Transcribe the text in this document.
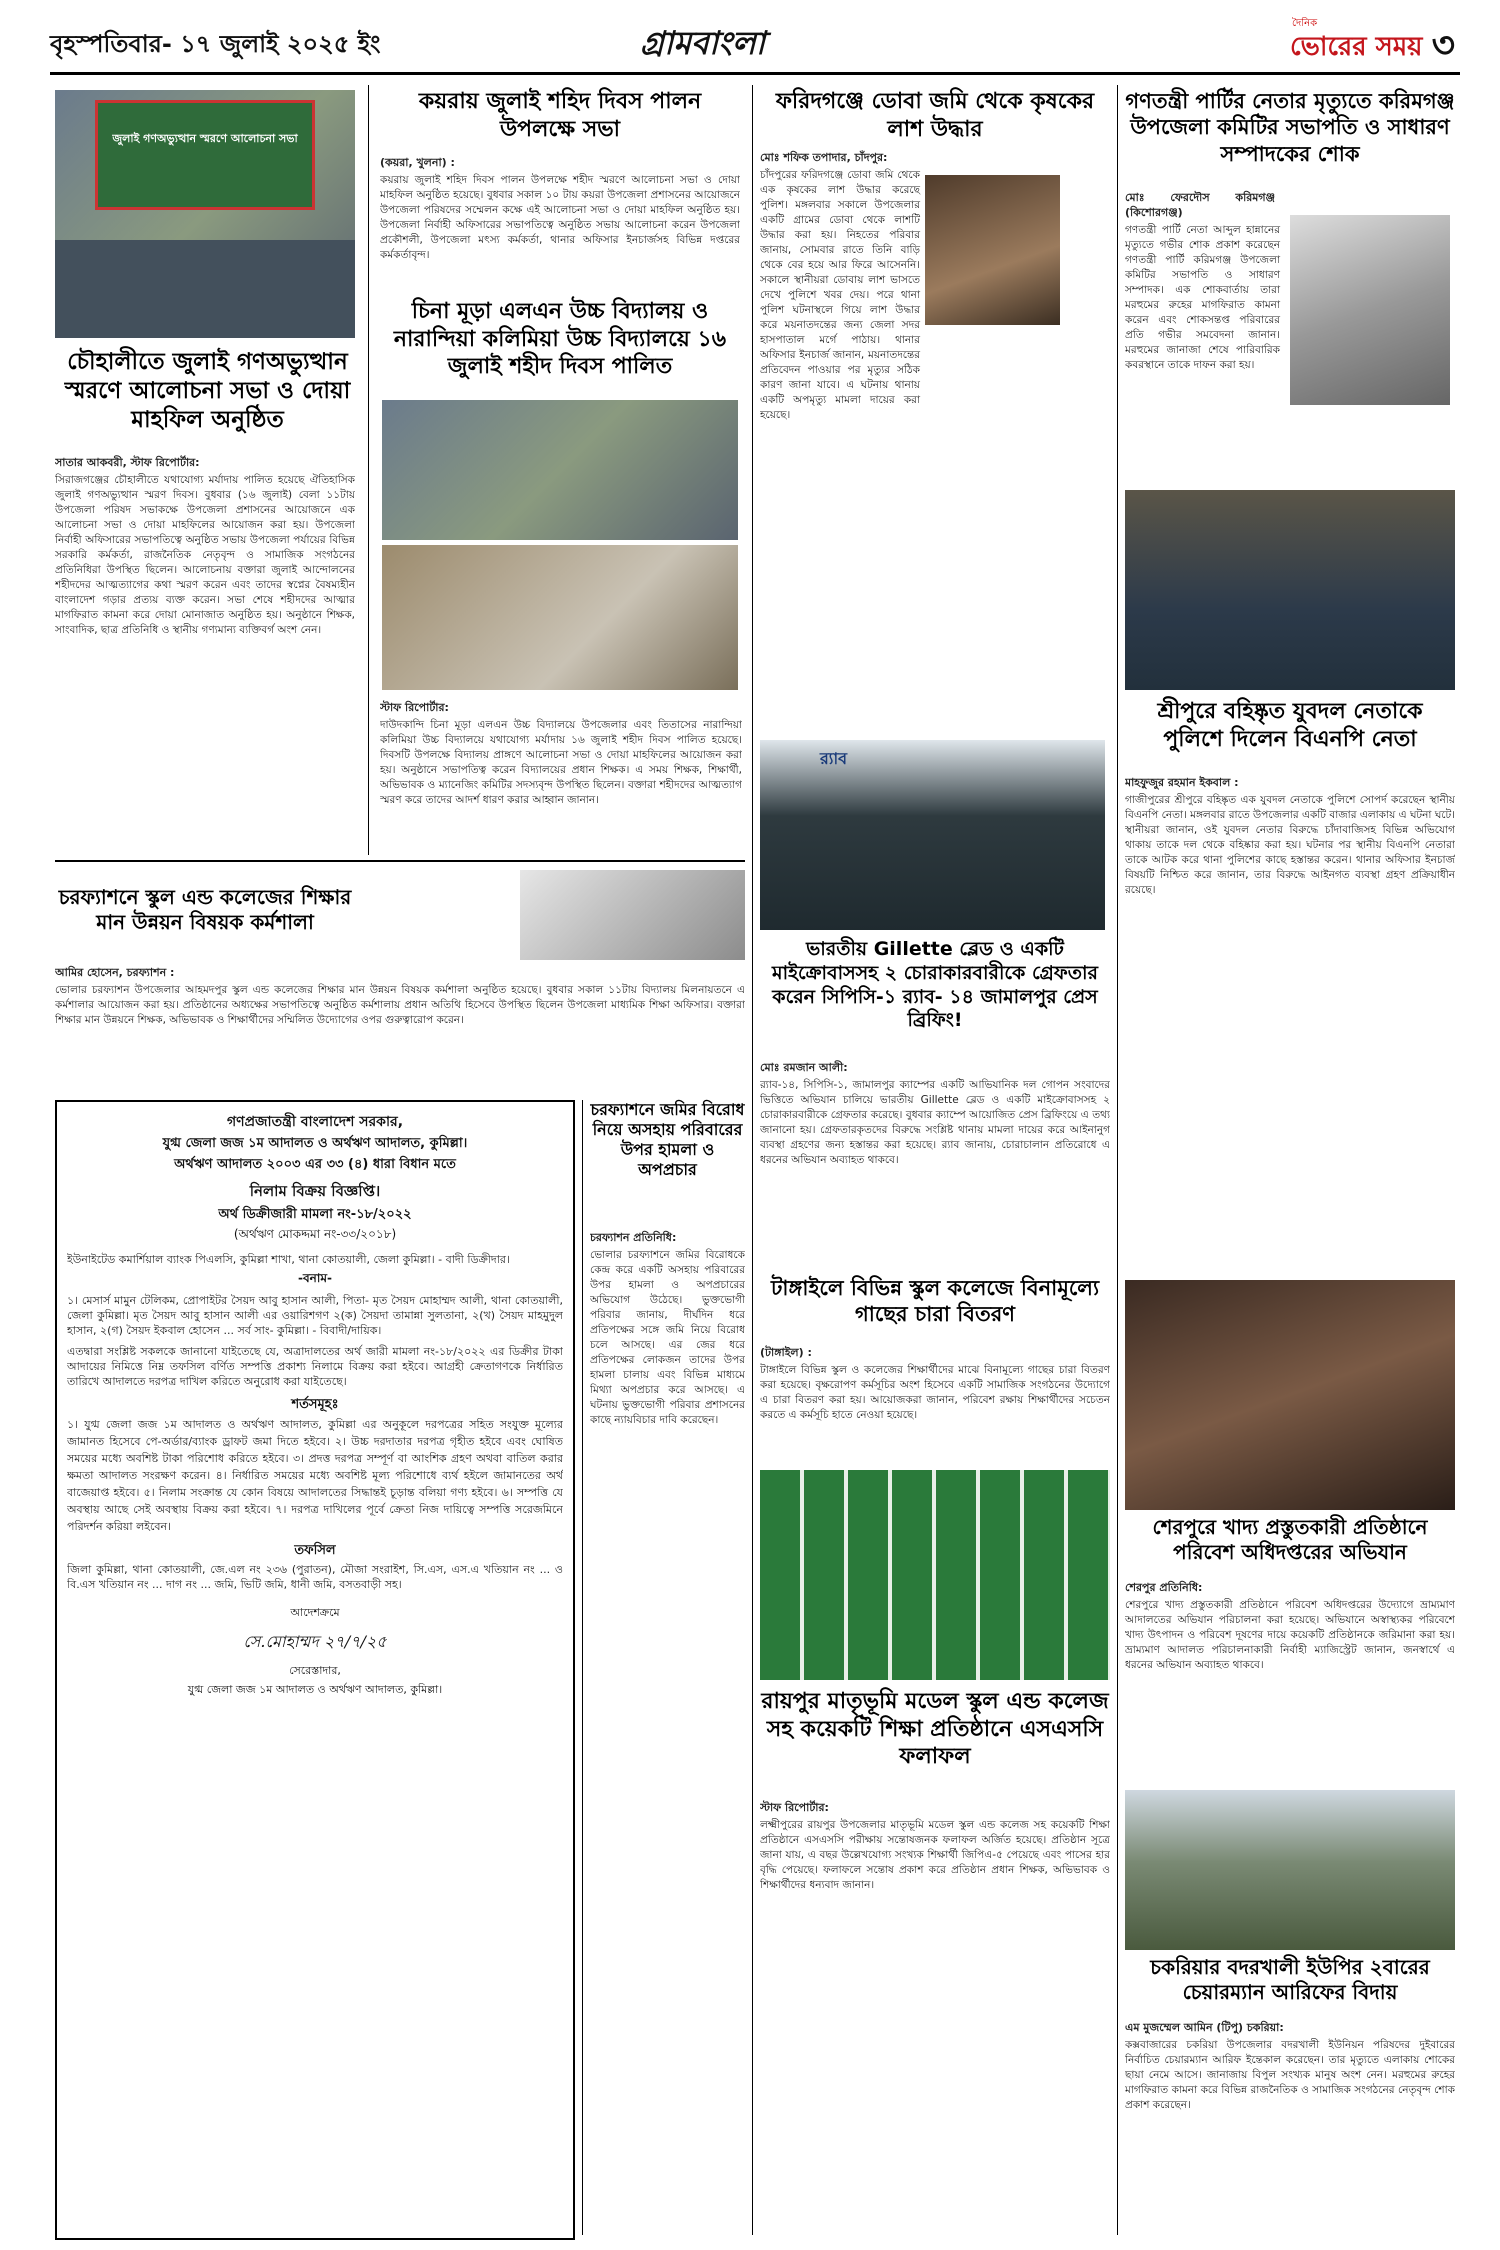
বৃহস্পতিবার- ১৭ জুলাই ২০২৫ ইং	গ্রামবাংলা
দৈনিক
ভোরের সময় ৩
জুলাই গণঅভ্যুত্থান স্মরণে আলোচনা সভা
চৌহালীতে জুলাই গণঅভ্যুত্থান স্মরণে আলোচনা সভা ও দোয়া মাহফিল অনুষ্ঠিত
সাতার আকবরী, স্টাফ রিপোর্টার:

সিরাজগঞ্জের চৌহালীতে যথাযোগ্য মর্যাদায় পালিত হয়েছে ঐতিহাসিক জুলাই গণঅভ্যুত্থান স্মরণ দিবস। বুধবার (১৬ জুলাই) বেলা ১১টায় উপজেলা পরিষদ সভাকক্ষে উপজেলা প্রশাসনের আয়োজনে এক আলোচনা সভা ও দোয়া মাহফিলের আয়োজন করা হয়। উপজেলা নির্বাহী অফিসারের সভাপতিত্বে অনুষ্ঠিত সভায় উপজেলা পর্যায়ের বিভিন্ন সরকারি কর্মকর্তা, রাজনৈতিক নেতৃবৃন্দ ও সামাজিক সংগঠনের প্রতিনিধিরা উপস্থিত ছিলেন। আলোচনায় বক্তারা জুলাই আন্দোলনের শহীদদের আত্মত্যাগের কথা স্মরণ করেন এবং তাদের স্বপ্নের বৈষম্যহীন বাংলাদেশ গড়ার প্রত্যয় ব্যক্ত করেন। সভা শেষে শহীদদের আত্মার মাগফিরাত কামনা করে দোয়া মোনাজাত অনুষ্ঠিত হয়। অনুষ্ঠানে শিক্ষক, সাংবাদিক, ছাত্র প্রতিনিধি ও স্থানীয় গণ্যমান্য ব্যক্তিবর্গ অংশ নেন।

কয়রায় জুলাই শহিদ দিবস পালন উপলক্ষে সভা
(কয়রা, খুলনা) :

কয়রায় জুলাই শহিদ দিবস পালন উপলক্ষে শহীদ স্মরণে আলোচনা সভা ও দোয়া মাহফিল অনুষ্ঠিত হয়েছে। বুধবার সকাল ১০ টায় কয়রা উপজেলা প্রশাসনের আয়োজনে উপজেলা পরিষদের সম্মেলন কক্ষে এই আলোচনা সভা ও দোয়া মাহফিল অনুষ্ঠিত হয়। উপজেলা নির্বাহী অফিসারের সভাপতিত্বে অনুষ্ঠিত সভায় আলোচনা করেন উপজেলা প্রকৌশলী, উপজেলা মৎস্য কর্মকর্তা, থানার অফিসার ইনচার্জসহ বিভিন্ন দপ্তরের কর্মকর্তাবৃন্দ।

চিনা মূড়া এলএন উচ্চ বিদ্যালয় ও নারান্দিয়া কলিমিয়া উচ্চ বিদ্যালয়ে ১৬ জুলাই শহীদ দিবস পালিত
স্টাফ রিপোর্টার:

দাউদকান্দি চিনা মূড়া এলএন উচ্চ বিদ্যালয়ে উপজেলার এবং তিতাসের নারান্দিয়া কলিমিয়া উচ্চ বিদ্যালয়ে যথাযোগ্য মর্যাদায় ১৬ জুলাই শহীদ দিবস পালিত হয়েছে। দিবসটি উপলক্ষে বিদ্যালয় প্রাঙ্গণে আলোচনা সভা ও দোয়া মাহফিলের আয়োজন করা হয়। অনুষ্ঠানে সভাপতিত্ব করেন বিদ্যালয়ের প্রধান শিক্ষক। এ সময় শিক্ষক, শিক্ষার্থী, অভিভাবক ও ম্যানেজিং কমিটির সদস্যবৃন্দ উপস্থিত ছিলেন। বক্তারা শহীদদের আত্মত্যাগ স্মরণ করে তাদের আদর্শ ধারণ করার আহ্বান জানান।

ফরিদগঞ্জে ডোবা জমি থেকে কৃষকের লাশ উদ্ধার
মোঃ শফিক তপাদার, চাঁদপুর:

চাঁদপুরের ফরিদগঞ্জে ডোবা জমি থেকে এক কৃষকের লাশ উদ্ধার করেছে পুলিশ। মঙ্গলবার সকালে উপজেলার একটি গ্রামের ডোবা থেকে লাশটি উদ্ধার করা হয়। নিহতের পরিবার জানায়, সোমবার রাতে তিনি বাড়ি থেকে বের হয়ে আর ফিরে আসেননি। সকালে স্থানীয়রা ডোবায় লাশ ভাসতে দেখে পুলিশে খবর দেয়। পরে থানা পুলিশ ঘটনাস্থলে গিয়ে লাশ উদ্ধার করে ময়নাতদন্তের জন্য জেলা সদর হাসপাতাল মর্গে পাঠায়। থানার অফিসার ইনচার্জ জানান, ময়নাতদন্তের প্রতিবেদন পাওয়ার পর মৃত্যুর সঠিক কারণ জানা যাবে। এ ঘটনায় থানায় একটি অপমৃত্যু মামলা দায়ের করা হয়েছে।

র‍্যাব
ভারতীয় Gillette ব্লেড ও একটি মাইক্রোবাসসহ ২ চোরাকারবারীকে গ্রেফতার করেন সিপিসি-১ র‍্যাব- ১৪ জামালপুর প্রেস ব্রিফিং!
মোঃ রমজান আলী:

র‍্যাব-১৪, সিপিসি-১, জামালপুর ক্যাম্পের একটি আভিযানিক দল গোপন সংবাদের ভিত্তিতে অভিযান চালিয়ে ভারতীয় Gillette ব্লেড ও একটি মাইক্রোবাসসহ ২ চোরাকারবারীকে গ্রেফতার করেছে। বুধবার ক্যাম্পে আয়োজিত প্রেস ব্রিফিংয়ে এ তথ্য জানানো হয়। গ্রেফতারকৃতদের বিরুদ্ধে সংশ্লিষ্ট থানায় মামলা দায়ের করে আইনানুগ ব্যবস্থা গ্রহণের জন্য হস্তান্তর করা হয়েছে। র‍্যাব জানায়, চোরাচালান প্রতিরোধে এ ধরনের অভিযান অব্যাহত থাকবে।

গণতন্ত্রী পার্টির নেতার মৃত্যুতে করিমগঞ্জ উপজেলা কমিটির সভাপতি ও সাধারণ সম্পাদকের শোক
মোঃ ফেরদৌস করিমগঞ্জ (কিশোরগঞ্জ)

গণতন্ত্রী পার্টি নেতা আব্দুল হান্নানের মৃত্যুতে গভীর শোক প্রকাশ করেছেন গণতন্ত্রী পার্টি করিমগঞ্জ উপজেলা কমিটির সভাপতি ও সাধারণ সম্পাদক। এক শোকবার্তায় তারা মরহুমের রুহের মাগফিরাত কামনা করেন এবং শোকসন্তপ্ত পরিবারের প্রতি গভীর সমবেদনা জানান। মরহুমের জানাজা শেষে পারিবারিক কবরস্থানে তাকে দাফন করা হয়।

শ্রীপুরে বহিষ্কৃত যুবদল নেতাকে পুলিশে দিলেন বিএনপি নেতা
মাহফুজুর রহমান ইকবাল :

গাজীপুরের শ্রীপুরে বহিষ্কৃত এক যুবদল নেতাকে পুলিশে সোপর্দ করেছেন স্থানীয় বিএনপি নেতা। মঙ্গলবার রাতে উপজেলার একটি বাজার এলাকায় এ ঘটনা ঘটে। স্থানীয়রা জানান, ওই যুবদল নেতার বিরুদ্ধে চাঁদাবাজিসহ বিভিন্ন অভিযোগ থাকায় তাকে দল থেকে বহিষ্কার করা হয়। ঘটনার পর স্থানীয় বিএনপি নেতারা তাকে আটক করে থানা পুলিশের কাছে হস্তান্তর করেন। থানার অফিসার ইনচার্জ বিষয়টি নিশ্চিত করে জানান, তার বিরুদ্ধে আইনগত ব্যবস্থা গ্রহণ প্রক্রিয়াধীন রয়েছে।

চরফ্যাশনে স্কুল এন্ড কলেজের শিক্ষার মান উন্নয়ন বিষয়ক কর্মশালা
আমির হোসেন, চরফ্যাশন :

ভোলার চরফ্যাশন উপজেলার আহমদপুর স্কুল এন্ড কলেজের শিক্ষার মান উন্নয়ন বিষয়ক কর্মশালা অনুষ্ঠিত হয়েছে। বুধবার সকাল ১১টায় বিদ্যালয় মিলনায়তনে এ কর্মশালার আয়োজন করা হয়। প্রতিষ্ঠানের অধ্যক্ষের সভাপতিত্বে অনুষ্ঠিত কর্মশালায় প্রধান অতিথি হিসেবে উপস্থিত ছিলেন উপজেলা মাধ্যমিক শিক্ষা অফিসার। বক্তারা শিক্ষার মান উন্নয়নে শিক্ষক, অভিভাবক ও শিক্ষার্থীদের সম্মিলিত উদ্যোগের ওপর গুরুত্বারোপ করেন।

গণপ্রজাতন্ত্রী বাংলাদেশ সরকার,
যুগ্ম জেলা জজ ১ম আদালত ও অর্থঋণ আদালত, কুমিল্লা।
অর্থঋণ আদালত ২০০৩ এর ৩৩ (৪) ধারা বিধান মতে
নিলাম বিক্রয় বিজ্ঞপ্তি।
অর্থ ডিক্রীজারী মামলা নং-১৮/২০২২
(অর্থঋণ মোকদ্দমা নং-৩৩/২০১৮)
ইউনাইটেড কমার্শিয়াল ব্যাংক পিএলসি, কুমিল্লা শাখা, থানা কোতয়ালী, জেলা কুমিল্লা। - বাদী ডিক্রীদার।
-বনাম-
১। মেসার্স মামুন টেলিকম, প্রোপাইটর সৈয়দ আবু হাসান আলী, পিতা- মৃত সৈয়দ মোহাম্মদ আলী, থানা কোতয়ালী, জেলা কুমিল্লা। মৃত সৈয়দ আবু হাসান আলী এর ওয়ারিশগণ ২(ক) সৈয়দা তামান্না সুলতানা, ২(খ) সৈয়দ মাহমুদুল হাসান, ২(গ) সৈয়দ ইকবাল হোসেন ... সর্ব সাং- কুমিল্লা। - বিবাদী/দায়িক।
এতদ্বারা সংশ্লিষ্ট সকলকে জানানো যাইতেছে যে, অত্রাদালতের অর্থ জারী মামলা নং-১৮/২০২২ এর ডিক্রীর টাকা আদায়ের নিমিত্তে নিম্ন তফসিল বর্ণিত সম্পত্তি প্রকাশ্য নিলামে বিক্রয় করা হইবে। আগ্রহী ক্রেতাগণকে নির্ধারিত তারিখে আদালতে দরপত্র দাখিল করিতে অনুরোধ করা যাইতেছে।
শর্তসমূহঃ
১। যুগ্ম জেলা জজ ১ম আদালত ও অর্থঋণ আদালত, কুমিল্লা এর অনুকূলে দরপত্রের সহিত সংযুক্ত মূল্যের জামানত হিসেবে পে-অর্ডার/ব্যাংক ড্রাফট জমা দিতে হইবে। ২। উচ্চ দরদাতার দরপত্র গৃহীত হইবে এবং ঘোষিত সময়ের মধ্যে অবশিষ্ট টাকা পরিশোধ করিতে হইবে। ৩। প্রদত্ত দরপত্র সম্পূর্ণ বা আংশিক গ্রহণ অথবা বাতিল করার ক্ষমতা আদালত সংরক্ষণ করেন। ৪। নির্ধারিত সময়ের মধ্যে অবশিষ্ট মূল্য পরিশোধে ব্যর্থ হইলে জামানতের অর্থ বাজেয়াপ্ত হইবে। ৫। নিলাম সংক্রান্ত যে কোন বিষয়ে আদালতের সিদ্ধান্তই চূড়ান্ত বলিয়া গণ্য হইবে। ৬। সম্পত্তি যে অবস্থায় আছে সেই অবস্থায় বিক্রয় করা হইবে। ৭। দরপত্র দাখিলের পূর্বে ক্রেতা নিজ দায়িত্বে সম্পত্তি সরেজমিনে পরিদর্শন করিয়া লইবেন।
তফসিল
জিলা কুমিল্লা, থানা কোতয়ালী, জে.এল নং ২৩৬ (পুরাতন), মৌজা সংরাইশ, সি.এস, এস.এ খতিয়ান নং ... ও বি.এস খতিয়ান নং ... দাগ নং ... জমি, ভিটি জমি, ধানী জমি, বসতবাড়ী সহ।
আদেশক্রমে
সে.মোহাম্মদ ২৭/৭/২৫
সেরেস্তাদার,
যুগ্ম জেলা জজ ১ম আদালত ও অর্থঋণ আদালত, কুমিল্লা।
চরফ্যাশনে জমির বিরোধ নিয়ে অসহায় পরিবারের উপর হামলা ও অপপ্রচার
চরফ্যাশন প্রতিনিধি:

ভোলার চরফ্যাশনে জমির বিরোধকে কেন্দ্র করে একটি অসহায় পরিবারের উপর হামলা ও অপপ্রচারের অভিযোগ উঠেছে। ভুক্তভোগী পরিবার জানায়, দীর্ঘদিন ধরে প্রতিপক্ষের সঙ্গে জমি নিয়ে বিরোধ চলে আসছে। এর জের ধরে প্রতিপক্ষের লোকজন তাদের উপর হামলা চালায় এবং বিভিন্ন মাধ্যমে মিথ্যা অপপ্রচার করে আসছে। এ ঘটনায় ভুক্তভোগী পরিবার প্রশাসনের কাছে ন্যায়বিচার দাবি করেছেন।

টাঙ্গাইলে বিভিন্ন স্কুল কলেজে বিনামূল্যে গাছের চারা বিতরণ
(টাঙ্গাইল) :

টাঙ্গাইলে বিভিন্ন স্কুল ও কলেজের শিক্ষার্থীদের মাঝে বিনামূল্যে গাছের চারা বিতরণ করা হয়েছে। বৃক্ষরোপণ কর্মসূচির অংশ হিসেবে একটি সামাজিক সংগঠনের উদ্যোগে এ চারা বিতরণ করা হয়। আয়োজকরা জানান, পরিবেশ রক্ষায় শিক্ষার্থীদের সচেতন করতে এ কর্মসূচি হাতে নেওয়া হয়েছে।

রায়পুর মাতৃভূমি মডেল স্কুল এন্ড কলেজ সহ কয়েকটি শিক্ষা প্রতিষ্ঠানে এসএসসি ফলাফল
স্টাফ রিপোর্টার:

লক্ষ্মীপুরের রায়পুর উপজেলার মাতৃভূমি মডেল স্কুল এন্ড কলেজ সহ কয়েকটি শিক্ষা প্রতিষ্ঠানে এসএসসি পরীক্ষায় সন্তোষজনক ফলাফল অর্জিত হয়েছে। প্রতিষ্ঠান সূত্রে জানা যায়, এ বছর উল্লেখযোগ্য সংখ্যক শিক্ষার্থী জিপিএ-৫ পেয়েছে এবং পাসের হার বৃদ্ধি পেয়েছে। ফলাফলে সন্তোষ প্রকাশ করে প্রতিষ্ঠান প্রধান শিক্ষক, অভিভাবক ও শিক্ষার্থীদের ধন্যবাদ জানান।

শেরপুরে খাদ্য প্রস্তুতকারী প্রতিষ্ঠানে পরিবেশ অধিদপ্তরের অভিযান
শেরপুর প্রতিনিধি:

শেরপুরে খাদ্য প্রস্তুতকারী প্রতিষ্ঠানে পরিবেশ অধিদপ্তরের উদ্যোগে ভ্রাম্যমাণ আদালতের অভিযান পরিচালনা করা হয়েছে। অভিযানে অস্বাস্থ্যকর পরিবেশে খাদ্য উৎপাদন ও পরিবেশ দূষণের দায়ে কয়েকটি প্রতিষ্ঠানকে জরিমানা করা হয়। ভ্রাম্যমাণ আদালত পরিচালনাকারী নির্বাহী ম্যাজিস্ট্রেট জানান, জনস্বার্থে এ ধরনের অভিযান অব্যাহত থাকবে।

চকরিয়ার বদরখালী ইউপির ২বারের চেয়ারম্যান আরিফের বিদায়
এম মুজম্মেল আমিন (টিপু) চকরিয়া:

কক্সবাজারের চকরিয়া উপজেলার বদরখালী ইউনিয়ন পরিষদের দুইবারের নির্বাচিত চেয়ারম্যান আরিফ ইন্তেকাল করেছেন। তার মৃত্যুতে এলাকায় শোকের ছায়া নেমে আসে। জানাজায় বিপুল সংখ্যক মানুষ অংশ নেন। মরহুমের রুহের মাগফিরাত কামনা করে বিভিন্ন রাজনৈতিক ও সামাজিক সংগঠনের নেতৃবৃন্দ শোক প্রকাশ করেছেন।
